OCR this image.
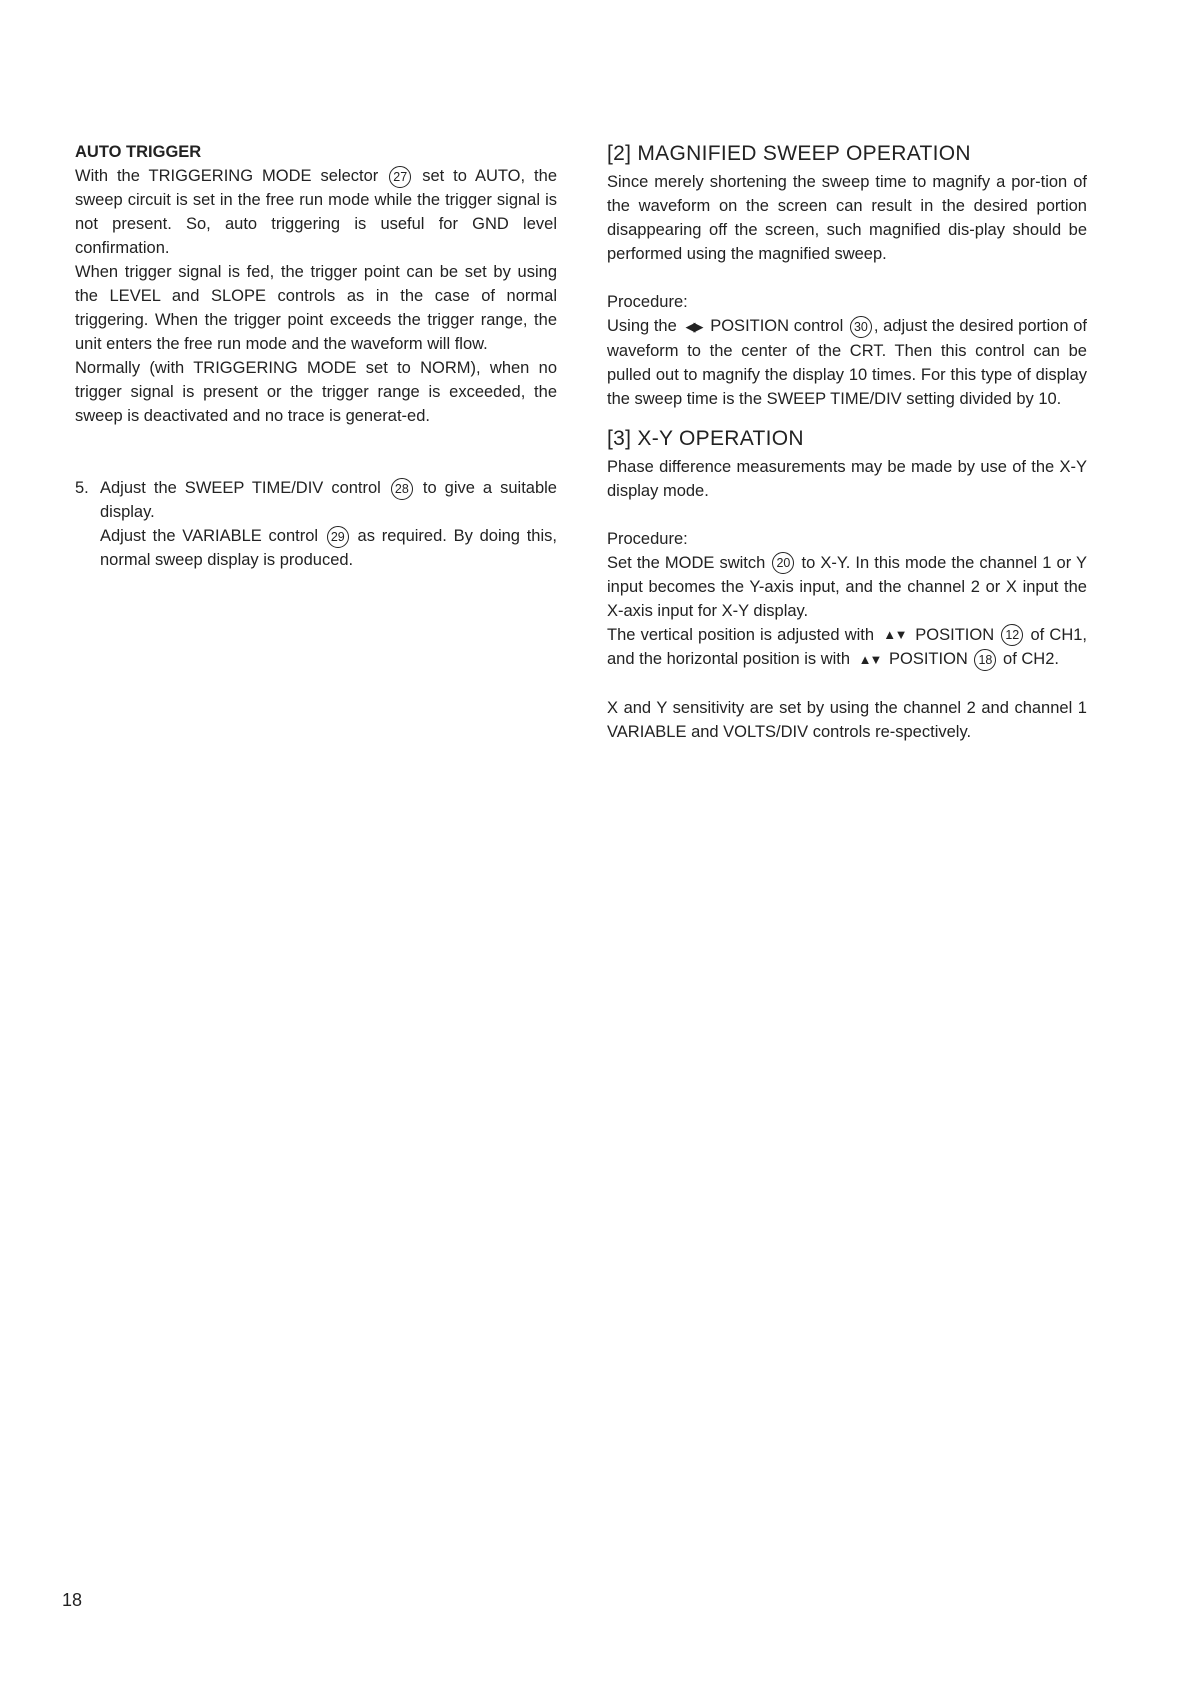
AUTO TRIGGER

With the TRIGGERING MODE selector 27 set to AUTO, the sweep circuit is set in the free run mode while the trigger signal is not present. So, auto triggering is useful for GND level confirmation.

When trigger signal is fed, the trigger point can be set by using the LEVEL and SLOPE controls as in the case of normal triggering. When the trigger point exceeds the trigger range, the unit enters the free run mode and the waveform will flow.

Normally (with TRIGGERING MODE set to NORM), when no trigger signal is present or the trigger range is exceeded, the sweep is deactivated and no trace is generat-ed.

5. Adjust the SWEEP TIME/DIV control 28 to give a suitable display.

Adjust the VARIABLE control 29 as required. By doing this, normal sweep display is produced.

[2] MAGNIFIED SWEEP OPERATION

Since merely shortening the sweep time to magnify a por-tion of the waveform on the screen can result in the desired portion disappearing off the screen, such magnified dis-play should be performed using the magnified sweep.

Procedure:

Using the ◀▶ POSITION control 30 , adjust the desired portion of waveform to the center of the CRT. Then this control can be pulled out to magnify the display 10 times. For this type of display the sweep time is the SWEEP TIME/DIV setting divided by 10.

[3] X-Y OPERATION

Phase difference measurements may be made by use of the X-Y display mode.

Procedure:

Set the MODE switch 20 to X-Y. In this mode the channel 1 or Y input becomes the Y-axis input, and the channel 2 or X input the X-axis input for X-Y display.

The vertical position is adjusted with ▲▼ POSITION 12 of CH1, and the horizontal position is with ▲▼ POSITION 18 of CH2.

X and Y sensitivity are set by using the channel 2 and channel 1 VARIABLE and VOLTS/DIV controls re-spectively.

18
